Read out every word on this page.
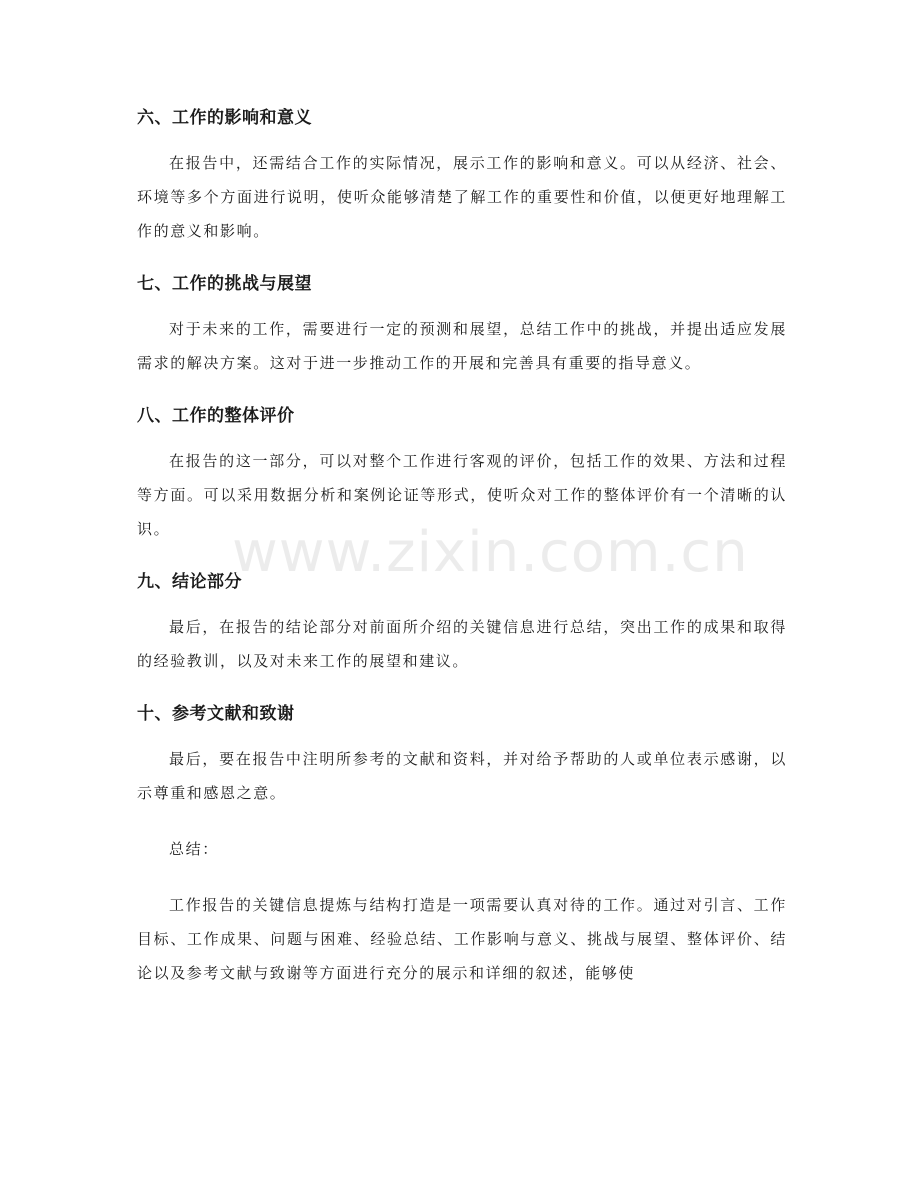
www.zixin.com.cn
六、工作的影响和意义

在报告中，还需结合工作的实际情况，展示工作的影响和意义。可以从经济、社会、环境等多个方面进行说明，使听众能够清楚了解工作的重要性和价值，以便更好地理解工作的意义和影响。

七、工作的挑战与展望

对于未来的工作，需要进行一定的预测和展望，总结工作中的挑战，并提出适应发展需求的解决方案。这对于进一步推动工作的开展和完善具有重要的指导意义。

八、工作的整体评价

在报告的这一部分，可以对整个工作进行客观的评价，包括工作的效果、方法和过程等方面。可以采用数据分析和案例论证等形式，使听众对工作的整体评价有一个清晰的认识。

九、结论部分

最后，在报告的结论部分对前面所介绍的关键信息进行总结，突出工作的成果和取得的经验教训，以及对未来工作的展望和建议。

十、参考文献和致谢

最后，要在报告中注明所参考的文献和资料，并对给予帮助的人或单位表示感谢，以示尊重和感恩之意。

总结：

工作报告的关键信息提炼与结构打造是一项需要认真对待的工作。通过对引言、工作目标、工作成果、问题与困难、经验总结、工作影响与意义、挑战与展望、整体评价、结论以及参考文献与致谢等方面进行充分的展示和详细的叙述，能够使
